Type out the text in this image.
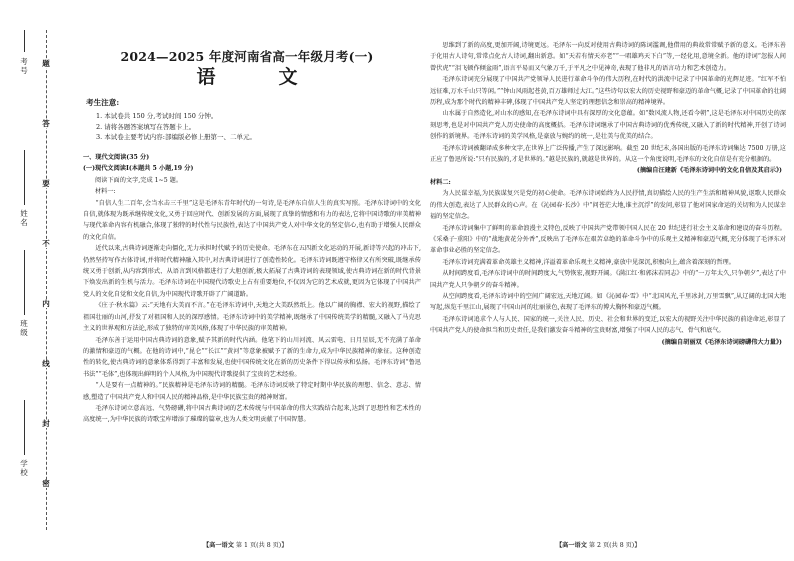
题
答
要
不
内
线
封
密
考号
姓名
班级
学校
2024—2025 年度河南省高一年级月考(一)
语　文
考生注意:
1. 本试卷共 150 分,考试时间 150 分钟。
2. 请将各题答案填写在答题卡上。
3. 本试卷主要考试内容:部编版必修上册第一、二单元。
一、现代文阅读(35 分)
(一)现代文阅读Ⅰ(本题共 5 小题,19 分)
阅读下面的文字,完成 1~5 题。
材料一:
“自信人生二百年,会当水击三千里”这是毛泽东青年时代的一句诗,是毛泽东自信人生的真实写照。毛泽东诗词中的文化自信,就体现为既承继传统文化,又勇于回应时代、创新发展的方面,展现了真挚的情感和有力的表达,它将中国诗歌的审美精神与现代革命内容有机融合,体现了独特的时代性与民族性,表达了中国共产党人对中华文化的坚定信心,也有助于增强人民群众的文化自信。
近代以来,古典诗词逐渐走向僵化,无力承担时代赋予的历史使命。毛泽东在五四新文化运动的开展,新诗等兴起的冲击下,仍然坚持写作古体诗词,并将时代精神融入其中,对古典诗词进行了创造性转化。毛泽东诗词既遵守格律又有所突破,既继承传统又勇于创新,从内容到形式、从语言到风格都进行了大胆创新,极大拓展了古典诗词的表现领域,使古典诗词在新的时代背景下焕发出新的生机与活力。毛泽东诗词在中国现代诗歌史上占有重要地位,不仅因为它的艺术成就,更因为它体现了中国共产党人的文化自觉和文化自信,为中国现代诗歌开辟了广阔道路。
《庄子·秋水篇》云:“天地有大美而不言。”在毛泽东诗词中,天地之大美跃然纸上。他以广阔的胸襟、宏大的视野,描绘了祖国壮丽的山河,抒发了对祖国和人民的深厚感情。毛泽东诗词中的美学精神,既继承了中国传统美学的精髓,又融入了马克思主义的世界观和方法论,形成了独特的审美风格,体现了中华民族的审美精神。
毛泽东善于运用中国古典诗词的意象,赋予其新的时代内涵。他笔下的山川河流、风云雷电、日月星辰,无不充满了革命的激情和豪迈的气概。在他的诗词中,“昆仑”“长江”“黄河”等意象被赋予了新的生命力,成为中华民族精神的象征。这种创造性的转化,使古典诗词的意象体系得到了丰富和发展,也使中国传统文化在新的历史条件下得以传承和弘扬。毛泽东诗词“鲁迅书法”“毛体”,也体现出鲜明的个人风格,为中国现代诗歌提供了宝贵的艺术经验。
“人是要有一点精神的。”民族精神是毛泽东诗词的精髓。毛泽东诗词反映了特定时期中华民族的理想、信念、意志、情感,塑造了中国共产党人和中国人民的精神品格,是中华民族宝贵的精神财富。
毛泽东诗词立意高远、气势磅礴,将中国古典诗词的艺术传统与中国革命的伟大实践结合起来,达到了思想性和艺术性的高度统一,为中华民族的诗歌宝库增添了璀璨的篇章,也为人类文明贡献了中国智慧。
【高一语文 第 1 页(共 8 页)】
思维到了新的高度,更加开阔,诗境更远。毛泽东一向反对使用古典诗词的陈词滥调,他借用的典故常常赋予新的意义。毛泽东善于化用古人诗句,常常点化古人诗词,翻出新意。如“天若有情天亦老”“一唱雄鸡天下白”等,一经化用,意境全新。他的诗词“忽报人间曾伏虎”“泪飞顿作倾盆雨”,语言平易而又气象万千,于平凡之中见神奇,表现了他非凡的语言功力和艺术创造力。
毛泽东诗词充分展现了中国共产党领导人民进行革命斗争的伟大历程,在时代的洪流中记录了中国革命的光辉足迹。“红军不怕远征难,万水千山只等闲。”“钟山风雨起苍黄,百万雄师过大江。”这些诗句以宏大的历史视野和豪迈的革命气概,记录了中国革命的壮阔历程,成为那个时代的精神丰碑,体现了中国共产党人坚定的理想信念和崇高的精神境界。
山水属于自然造化,对山水的感知,在毛泽东诗词中具有深厚的文化意蕴。如“数风流人物,还看今朝”,这是毛泽东对中国历史的深刻思考,也是对中国共产党人历史使命的高度概括。毛泽东诗词继承了中国古典诗词的优秀传统,又融入了新的时代精神,开创了诗词创作的新境界。毛泽东诗词的美学风格,是豪放与婉约的统一,是壮美与优美的结合。
毛泽东诗词被翻译成多种文字,在世界上广泛传播,产生了深远影响。截至 20 世纪末,各国出版的毛泽东诗词集达 7500 万册,这正应了鲁迅所说:“只有民族的,才是世界的。”越是民族的,就越是世界的。从这一个角度说明,毛泽东的文化自信是有充分根据的。
(摘编自汪建新《毛泽东诗词中的文化自信及其启示》)
材料二:
为人民谋幸福,为民族谋复兴是党的初心使命。毛泽东诗词始终为人民抒情,真切描绘人民的生产生活和精神风貌,讴歌人民群众的伟大创造,表达了人民群众的心声。在《沁园春·长沙》中“问苍茫大地,谁主沉浮”的发问,彰显了他对国家命运的关切和为人民谋幸福的坚定信念。
毛泽东诗词集中了鲜明的革命浪漫主义特色,反映了中国共产党带领中国人民在 20 世纪进行社会主义革命和建设的奋斗历程。《采桑子·重阳》中的“战地黄花分外香”,反映出了毛泽东在艰苦卓绝的革命斗争中的乐观主义精神和豪迈气概,充分体现了毛泽东对革命事业必胜的坚定信念。
毛泽东诗词充满着革命英雄主义精神,洋溢着革命乐观主义精神,豪放中见深沉,积极向上,蕴含着深刻的哲理。
从时间跨度看,毛泽东诗词中的时间跨度大,气势恢宏,视野开阔。《满江红·和郭沫若同志》中的“一万年太久,只争朝夕”,表达了中国共产党人只争朝夕的奋斗精神。
从空间跨度看,毛泽东诗词中的空间广阔宏远,天地辽阔。如《沁园春·雪》中“北国风光,千里冰封,万里雪飘”,从辽阔的北国大地写起,纵览千里江山,展现了中国山河的壮丽景色,表现了毛泽东的博大胸怀和豪迈气概。
毛泽东诗词追求个人与人民、国家的统一,关注人民、历史、社会和世界的变迁,以宏大的视野关注中华民族的前途命运,彰显了中国共产党人的使命担当和历史责任,是我们激发奋斗精神的宝贵财富,增强了中国人民的志气、骨气和底气。
(摘编自胡丽双《毛泽东诗词磅礴伟大力量》)
【高一语文 第 2 页(共 8 页)】
